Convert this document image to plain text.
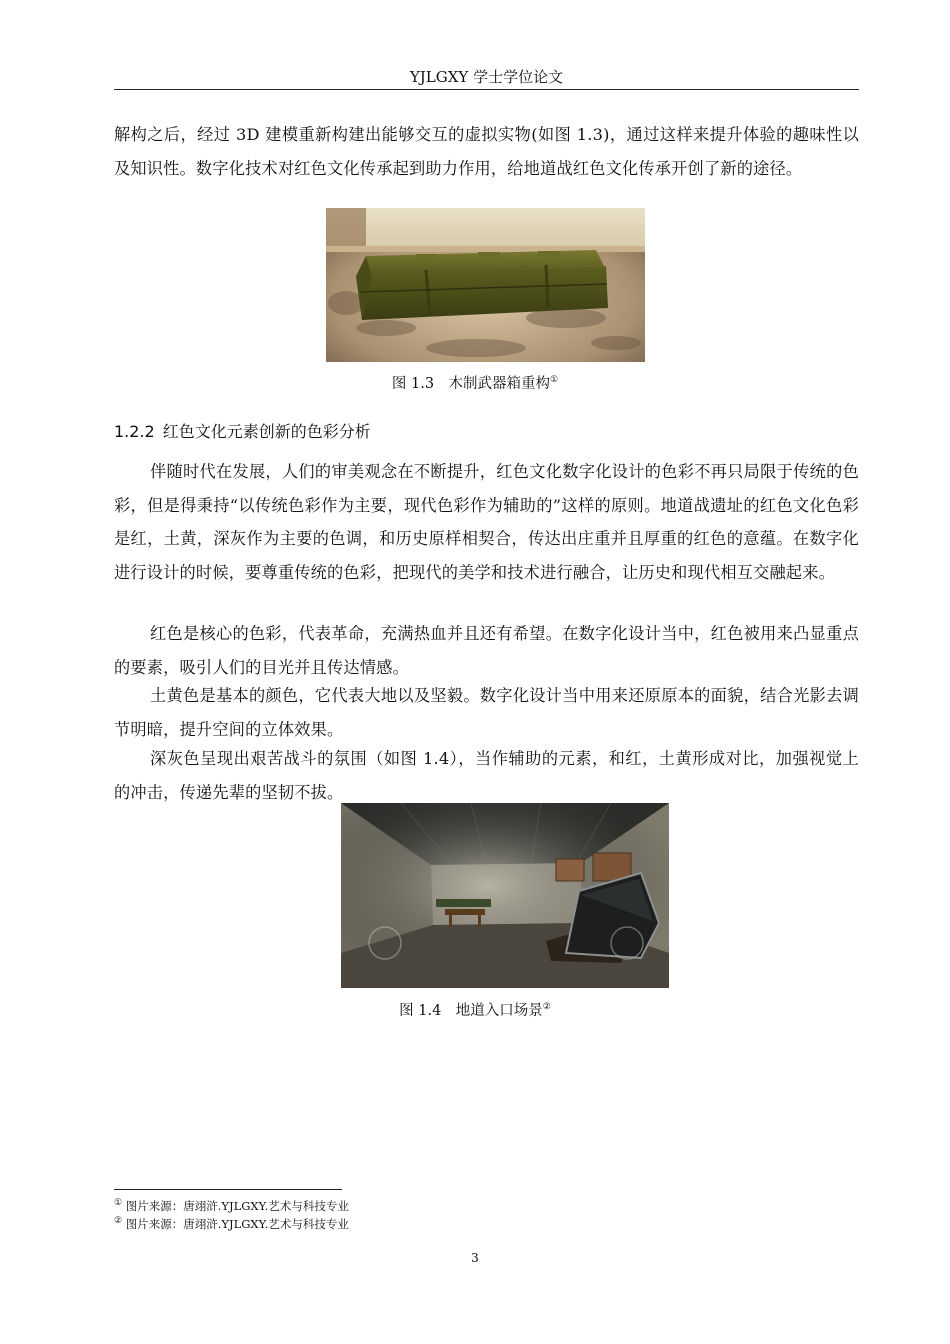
YJLGXY 学士学位论文

解构之后，经过 3D 建模重新构建出能够交互的虚拟实物(如图 1.3)，通过这样来提升体验的趣味性以及知识性。数字化技术对红色文化传承起到助力作用，给地道战红色文化传承开创了新的途径。

图 1.3　木制武器箱重构①
1.2.2  红色文化元素创新的色彩分析

伴随时代在发展，人们的审美观念在不断提升，红色文化数字化设计的色彩不再只局限于传统的色彩，但是得秉持“以传统色彩作为主要，现代色彩作为辅助的”这样的原则。地道战遗址的红色文化色彩是红，土黄，深灰作为主要的色调，和历史原样相契合，传达出庄重并且厚重的红色的意蕴。在数字化进行设计的时候，要尊重传统的色彩，把现代的美学和技术进行融合，让历史和现代相互交融起来。

红色是核心的色彩，代表革命，充满热血并且还有希望。在数字化设计当中，红色被用来凸显重点的要素，吸引人们的目光并且传达情感。

土黄色是基本的颜色，它代表大地以及坚毅。数字化设计当中用来还原原本的面貌，结合光影去调节明暗，提升空间的立体效果。

深灰色呈现出艰苦战斗的氛围（如图 1.4），当作辅助的元素，和红，土黄形成对比，加强视觉上的冲击，传递先辈的坚韧不拔。

图 1.4　地道入口场景②
① 图片来源：唐翊浒.YJLGXY.艺术与科技专业
② 图片来源：唐翊浒.YJLGXY.艺术与科技专业
3
